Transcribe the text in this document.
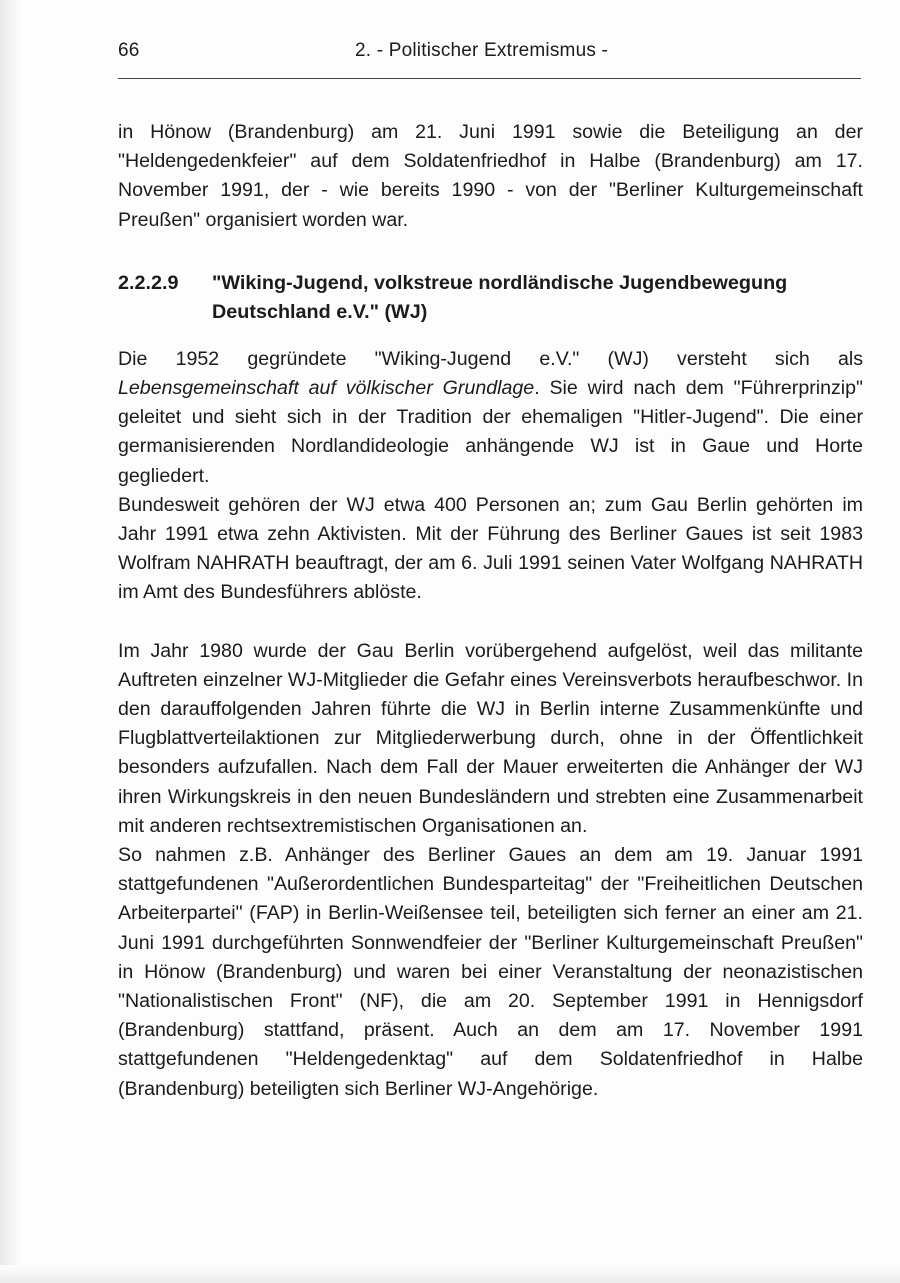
66	2. - Politischer Extremismus -

in Hönow (Brandenburg) am 21. Juni 1991 sowie die Beteiligung an der "Heldengedenkfeier" auf dem Soldatenfriedhof in Halbe (Brandenburg) am 17. November 1991, der - wie bereits 1990 - von der "Berliner Kulturgemeinschaft Preußen" organisiert worden war.

2.2.2.9	"Wiking-Jugend, volkstreue nordländische Jugendbewegung Deutschland e.V." (WJ)

Die 1952 gegründete "Wiking-Jugend e.V." (WJ) versteht sich als Lebensgemeinschaft auf völkischer Grundlage. Sie wird nach dem "Führerprinzip" geleitet und sieht sich in der Tradition der ehemaligen "Hitler-Jugend". Die einer germanisierenden Nordlandideologie anhängende WJ ist in Gaue und Horte gegliedert.

Bundesweit gehören der WJ etwa 400 Personen an; zum Gau Berlin gehörten im Jahr 1991 etwa zehn Aktivisten. Mit der Führung des Berliner Gaues ist seit 1983 Wolfram NAHRATH beauftragt, der am 6. Juli 1991 seinen Vater Wolfgang NAHRATH im Amt des Bundesführers ablöste.

Im Jahr 1980 wurde der Gau Berlin vorübergehend aufgelöst, weil das militante Auftreten einzelner WJ-Mitglieder die Gefahr eines Vereinsverbots heraufbeschwor. In den darauffolgenden Jahren führte die WJ in Berlin interne Zusammenkünfte und Flugblattverteilaktionen zur Mitgliederwerbung durch, ohne in der Öffentlichkeit besonders aufzufallen. Nach dem Fall der Mauer erweiterten die Anhänger der WJ ihren Wirkungskreis in den neuen Bundesländern und strebten eine Zusammenarbeit mit anderen rechtsextremistischen Organisationen an.

So nahmen z.B. Anhänger des Berliner Gaues an dem am 19. Januar 1991 stattgefundenen "Außerordentlichen Bundesparteitag" der "Freiheitlichen Deutschen Arbeiterpartei" (FAP) in Berlin-Weißensee teil, beteiligten sich ferner an einer am 21. Juni 1991 durchgeführten Sonnwendfeier der "Berliner Kulturgemeinschaft Preußen" in Hönow (Brandenburg) und waren bei einer Veranstaltung der neonazistischen "Nationalistischen Front" (NF), die am 20. September 1991 in Hennigsdorf (Brandenburg) stattfand, präsent. Auch an dem am 17. November 1991 stattgefundenen "Heldengedenktag" auf dem Soldatenfriedhof in Halbe (Brandenburg) beteiligten sich Berliner WJ-Angehörige.
